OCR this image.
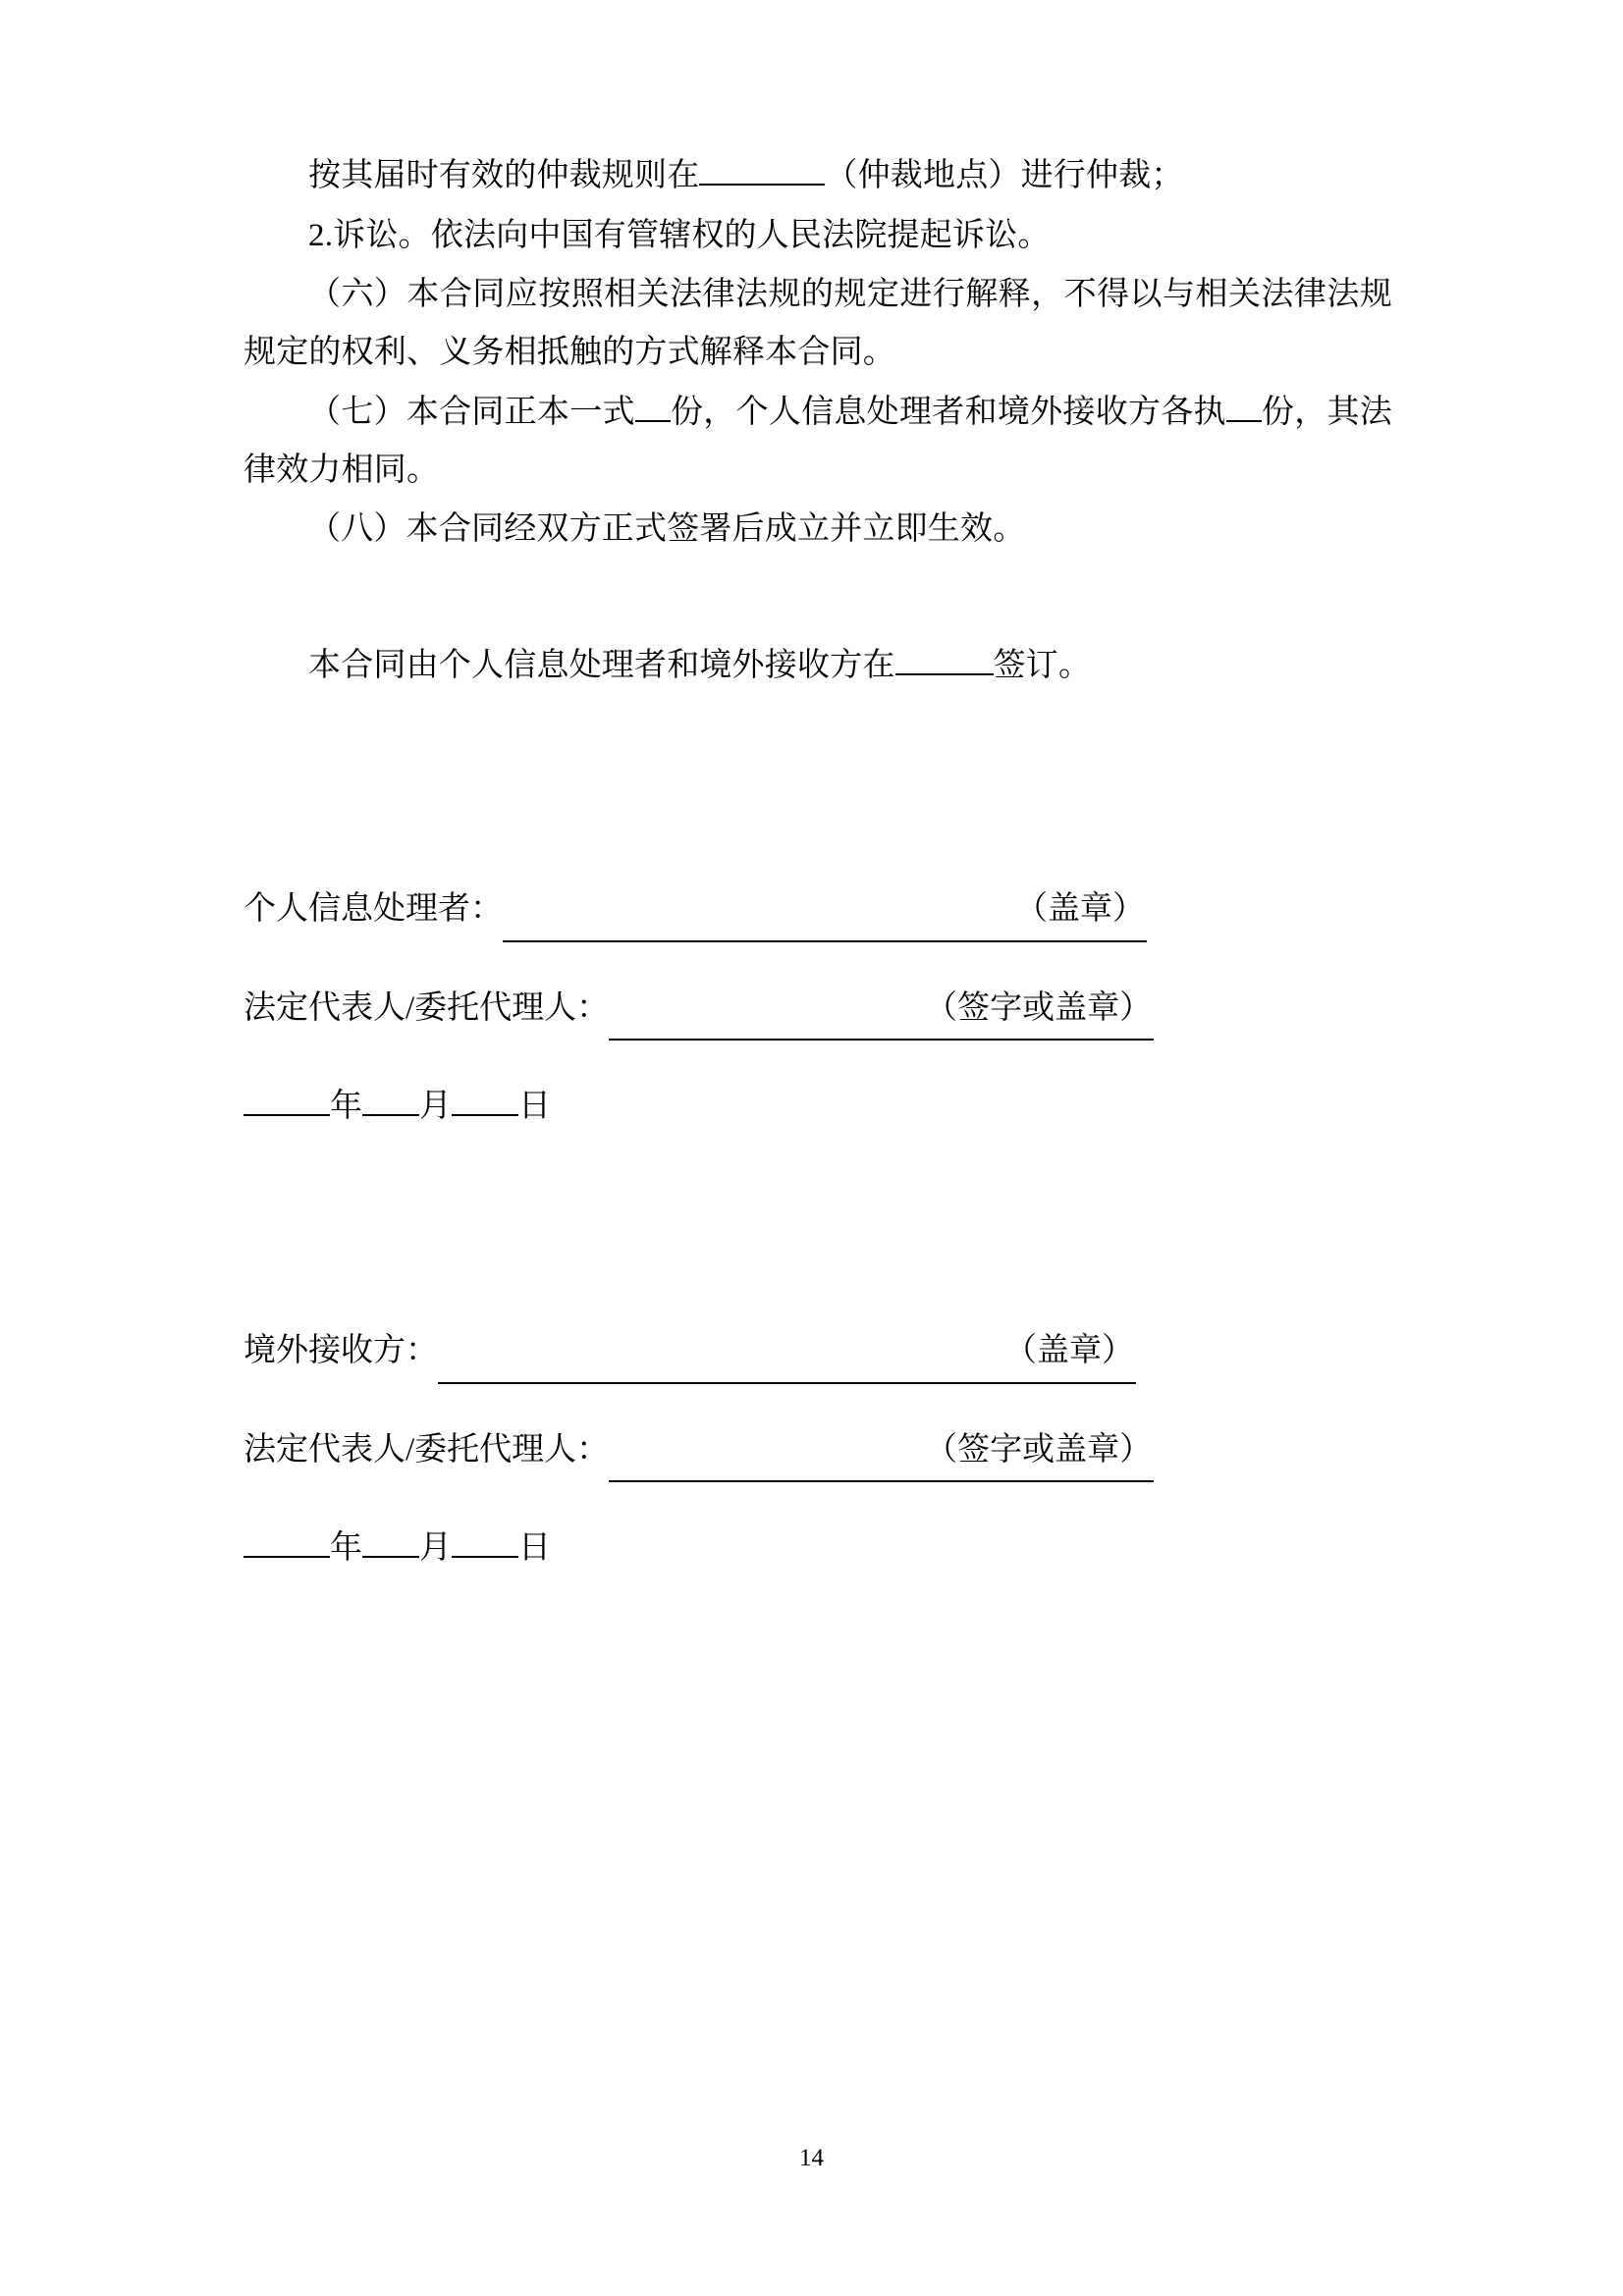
按其届时有效的仲裁规则在	（仲裁地点）进行仲裁；

2.诉讼。依法向中国有管辖权的人民法院提起诉讼。

（六）本合同应按照相关法律法规的规定进行解释，不得以与相关法律法规规定的权利、义务相抵触的方式解释本合同。

（七）本合同正本一式 份，个人信息处理者和境外接收方各执 份，其法律效力相同。

（八）本合同经双方正式签署后成立并立即生效。

本合同由个人信息处理者和境外接收方在	签订。

个人信息处理者：	（盖章）
法定代表人/委托代理人：	（签字或盖章）
年 月 日
境外接收方：	（盖章）
法定代表人/委托代理人：	（签字或盖章）
年 月 日
14
